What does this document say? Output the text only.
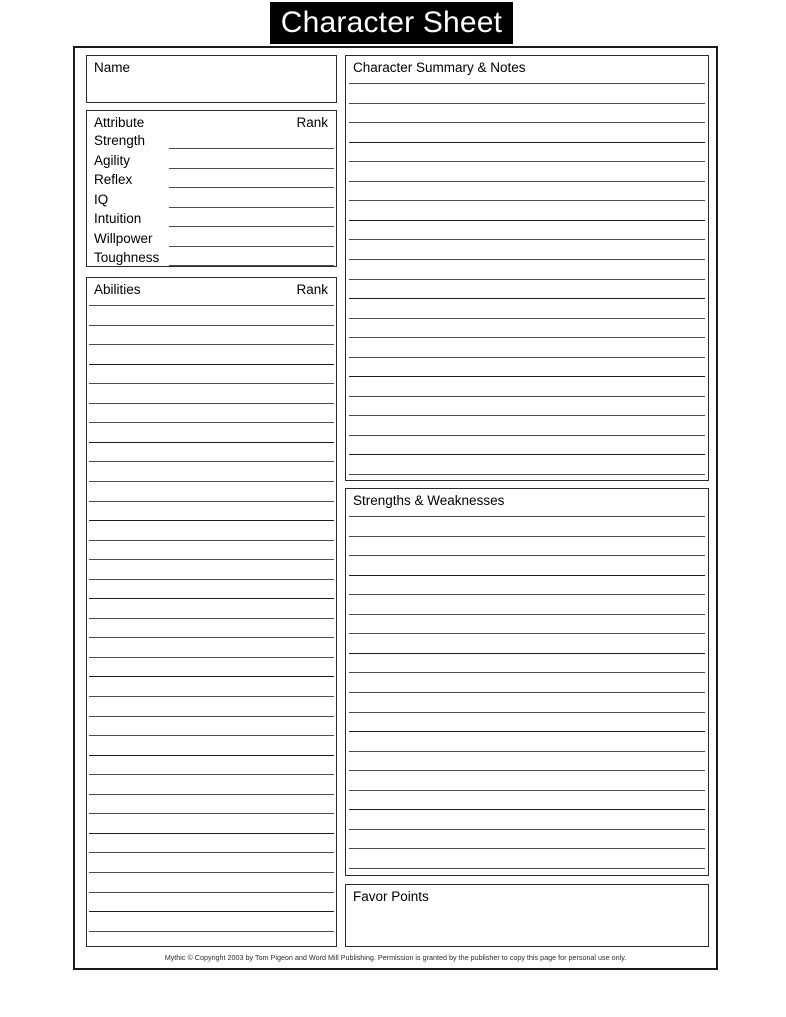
Character Sheet
Name
Attribute	Rank
Strength
Agility
Reflex
IQ
Intuition
Willpower
Toughness
Abilities	Rank
Character Summary & Notes
Strengths & Weaknesses
Favor Points
Mythic © Copyright 2003 by Tom Pigeon and Word Mill Publishing. Permission is granted by the publisher to copy this page for personal use only.
